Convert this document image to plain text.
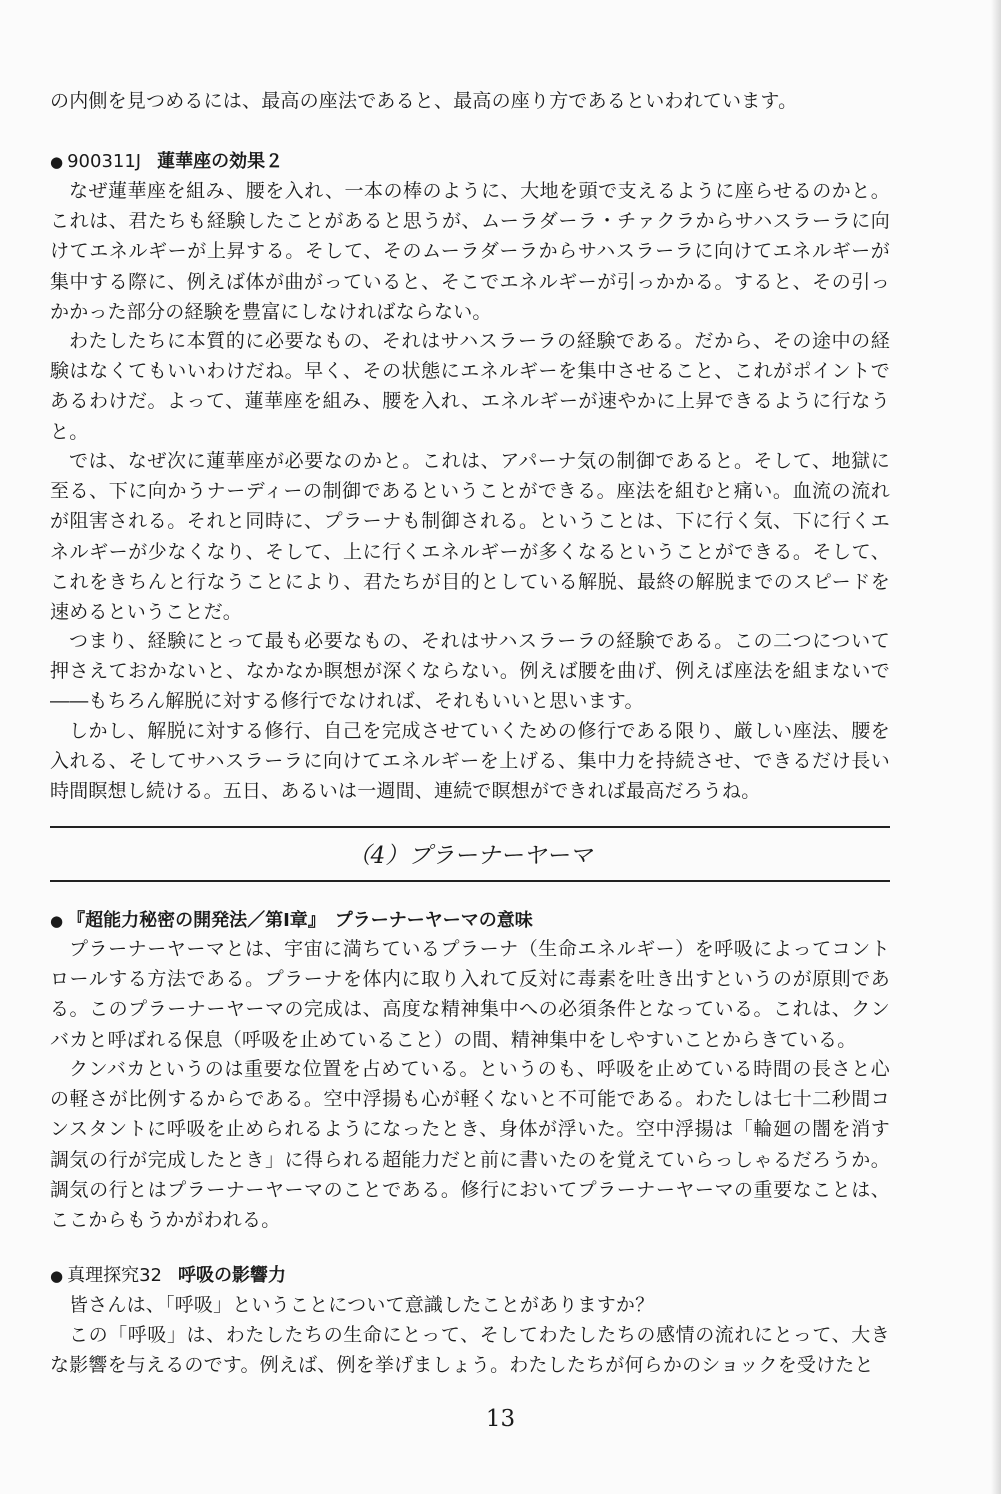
の内側を見つめるには、最高の座法であると、最高の座り方であるといわれています。

● 900311J 蓮華座の効果２

なぜ蓮華座を組み、腰を入れ、一本の棒のように、大地を頭で支えるように座らせるのかと。これは、君たちも経験したことがあると思うが、ムーラダーラ・チァクラからサハスラーラに向けてエネルギーが上昇する。そして、そのムーラダーラからサハスラーラに向けてエネルギーが集中する際に、例えば体が曲がっていると、そこでエネルギーが引っかかる。すると、その引っかかった部分の経験を豊富にしなければならない。

わたしたちに本質的に必要なもの、それはサハスラーラの経験である。だから、その途中の経験はなくてもいいわけだね。早く、その状態にエネルギーを集中させること、これがポイントであるわけだ。よって、蓮華座を組み、腰を入れ、エネルギーが速やかに上昇できるように行なうと。

では、なぜ次に蓮華座が必要なのかと。これは、アパーナ気の制御であると。そして、地獄に至る、下に向かうナーディーの制御であるということができる。座法を組むと痛い。血流の流れが阻害される。それと同時に、プラーナも制御される。ということは、下に行く気、下に行くエネルギーが少なくなり、そして、上に行くエネルギーが多くなるということができる。そして、これをきちんと行なうことにより、君たちが目的としている解脱、最終の解脱までのスピードを速めるということだ。

つまり、経験にとって最も必要なもの、それはサハスラーラの経験である。この二つについて押さえておかないと、なかなか瞑想が深くならない。例えば腰を曲げ、例えば座法を組まないで――もちろん解脱に対する修行でなければ、それもいいと思います。

しかし、解脱に対する修行、自己を完成させていくための修行である限り、厳しい座法、腰を入れる、そしてサハスラーラに向けてエネルギーを上げる、集中力を持続させ、できるだけ長い時間瞑想し続ける。五日、あるいは一週間、連続で瞑想ができれば最高だろうね。

（4）プラーナーヤーマ
● 『超能力秘密の開発法／第Ⅰ章』　プラーナーヤーマの意味

プラーナーヤーマとは、宇宙に満ちているプラーナ（生命エネルギー）を呼吸によってコントロールする方法である。プラーナを体内に取り入れて反対に毒素を吐き出すというのが原則である。このプラーナーヤーマの完成は、高度な精神集中への必須条件となっている。これは、クンバカと呼ばれる保息（呼吸を止めていること）の間、精神集中をしやすいことからきている。

クンバカというのは重要な位置を占めている。というのも、呼吸を止めている時間の長さと心の軽さが比例するからである。空中浮揚も心が軽くないと不可能である。わたしは七十二秒間コンスタントに呼吸を止められるようになったとき、身体が浮いた。空中浮揚は「輪廻の闇を消す調気の行が完成したとき」に得られる超能力だと前に書いたのを覚えていらっしゃるだろうか。調気の行とはプラーナーヤーマのことである。修行においてプラーナーヤーマの重要なことは、ここからもうかがわれる。

● 真理探究32 呼吸の影響力

皆さんは、「呼吸」ということについて意識したことがありますか？

この「呼吸」は、わたしたちの生命にとって、そしてわたしたちの感情の流れにとって、大きな影響を与えるのです。例えば、例を挙げましょう。わたしたちが何らかのショックを受けたと

13
